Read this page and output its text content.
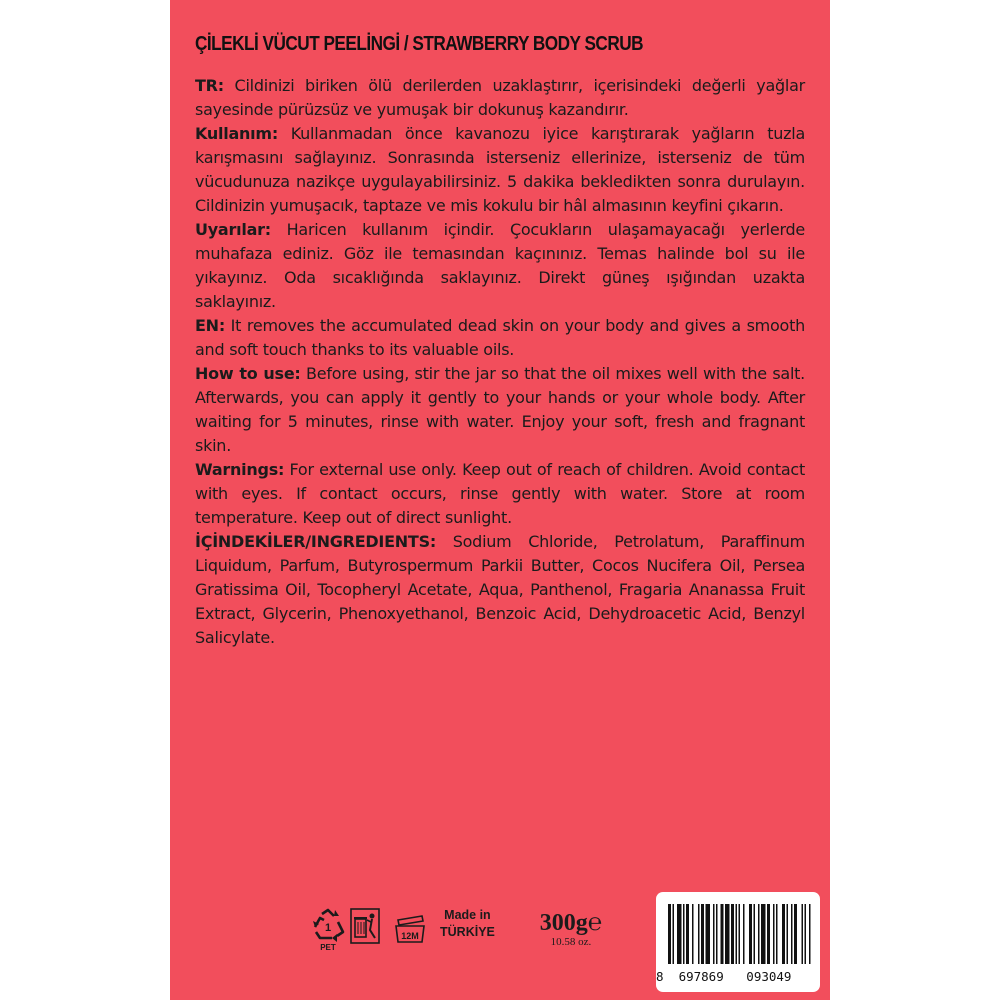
ÇİLEKLİ VÜCUT PEELİNGİ / STRAWBERRY BODY SCRUB

TR: Cildinizi biriken ölü derilerden uzaklaştırır, içerisindeki değerli yağlar sayesinde pürüzsüz ve yumuşak bir dokunuş kazandırır.

Kullanım: Kullanmadan önce kavanozu iyice karıştırarak yağların tuzla karışmasını sağlayınız. Sonrasında isterseniz ellerinize, isterseniz de tüm vücudunuza nazikçe uygulayabilirsiniz. 5 dakika bekledikten sonra durulayın. Cildinizin yumuşacık, taptaze ve mis kokulu bir hâl almasının keyfini çıkarın.

Uyarılar: Haricen kullanım içindir. Çocukların ulaşamayacağı yerlerde muhafaza ediniz. Göz ile temasından kaçınınız. Temas halinde bol su ile yıkayınız. Oda sıcaklığında saklayınız. Direkt güneş ışığından uzakta saklayınız.

EN: It removes the accumulated dead skin on your body and gives a smooth and soft touch thanks to its valuable oils.

How to use: Before using, stir the jar so that the oil mixes well with the salt. Afterwards, you can apply it gently to your hands or your whole body. After waiting for 5 minutes, rinse with water. Enjoy your soft, fresh and fragnant skin.

Warnings: For external use only. Keep out of reach of children. Avoid contact with eyes. If contact occurs, rinse gently with water. Store at room temperature. Keep out of direct sunlight.

İÇİNDEKİLER/INGREDIENTS: Sodium Chloride, Petrolatum, Paraffinum Liquidum, Parfum, Butyrospermum Parkii Butter, Cocos Nucifera Oil, Persea Gratissima Oil, Tocopheryl Acetate, Aqua, Panthenol, Fragaria Ananassa Fruit Extract, Glycerin, Phenoxyethanol, Benzoic Acid, Dehydroacetic Acid, Benzyl Salicylate.

1
PET
12M
Made in
TÜRKİYE 300g℮
10.58 oz.
8  697869   093049
